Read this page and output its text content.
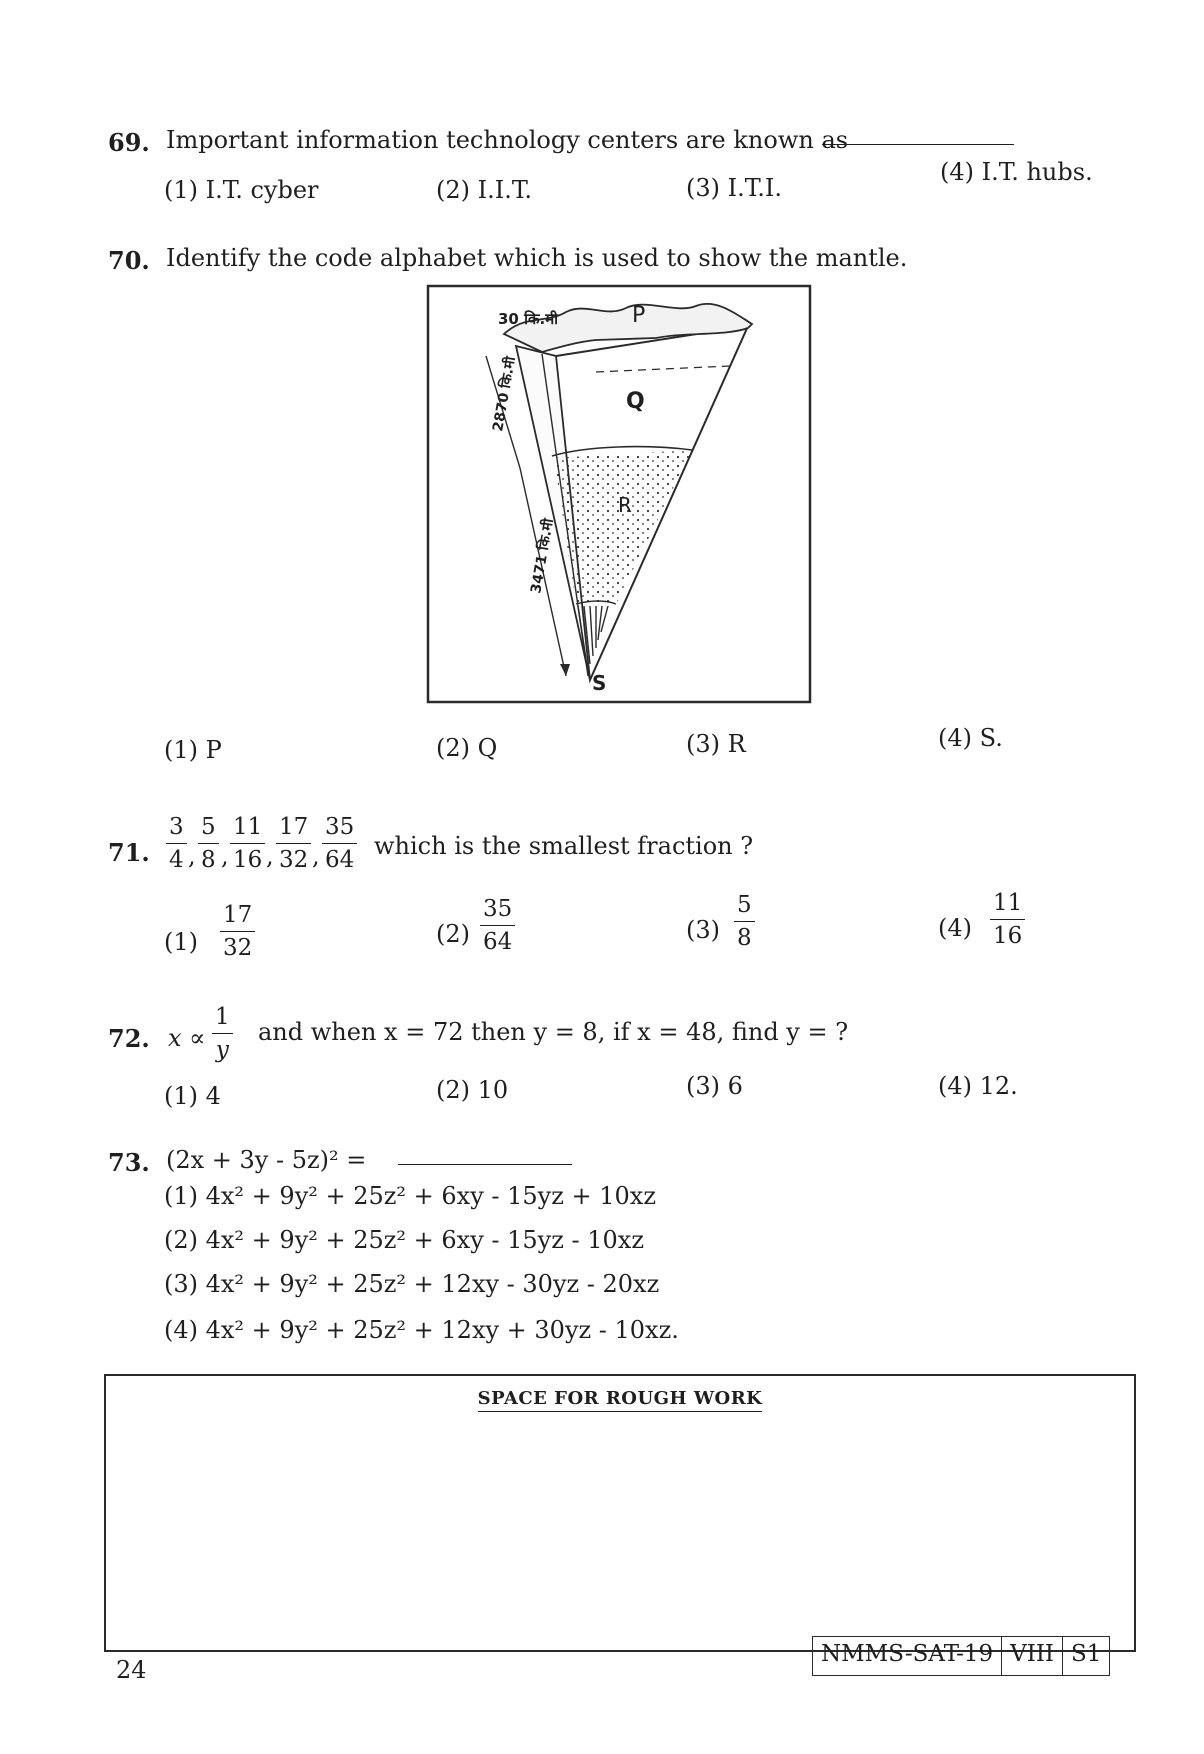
69. Important information technology centers are known as
(1) I.T. cyber	(2) I.I.T.	(3) I.T.I.
(4) I.T. hubs.
70. Identify the code alphabet which is used to show the mantle.
P
Q
R
S
30 कि.मी
2870 कि.मी
3471 कि.मी
(1) P	(2) Q	(3) R	(4) S.
71. $\frac{3}{4}$ , $\frac{5}{8}$ , $\frac{11}{16}$ , $\frac{17}{32}$ , $\frac{35}{64}$ which is the smallest fraction ?
$(1) \frac{17}{32}$	$(2) \frac{35}{64}$	$(3) \frac{5}{8}$	$(4) \frac{11}{16}$
72. $x \propto \frac{1}{y}$ and when x = 72 then y = 8, if x = 48, find y = ?
(1) 4	(2) 10	(3) 6	(4) 12.
73. (2x + 3y - 5z)² =
(1) 4x² + 9y² + 25z² + 6xy - 15yz + 10xz
(2) 4x² + 9y² + 25z² + 6xy - 15yz - 10xz
(3) 4x² + 9y² + 25z² + 12xy - 30yz - 20xz
(4) 4x² + 9y² + 25z² + 12xy + 30yz - 10xz.
SPACE FOR ROUGH WORK
24
NMMS-SAT-19 VIII S1
